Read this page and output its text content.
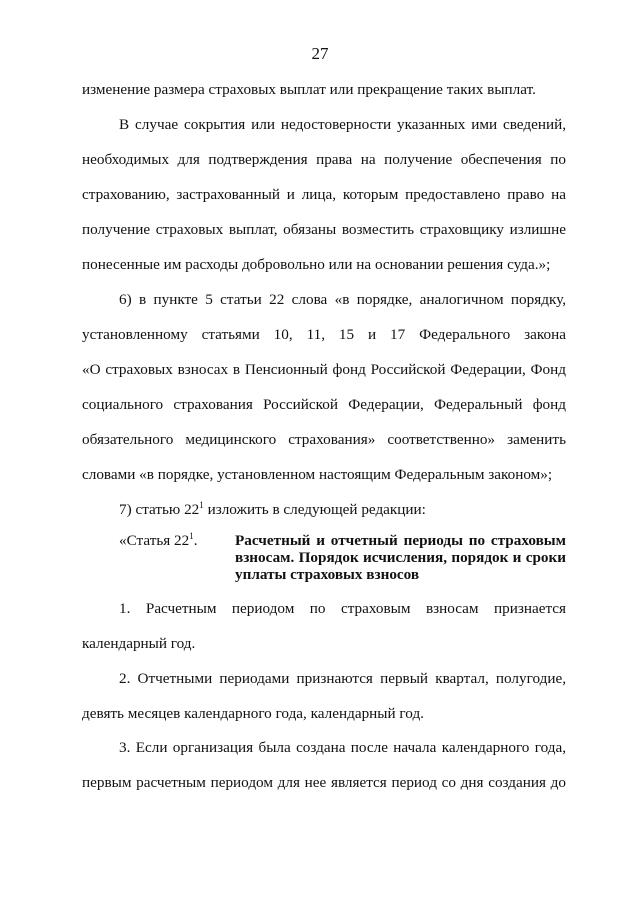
27
изменение размера страховых выплат или прекращение таких выплат.
В случае сокрытия или недостоверности указанных ими сведений,
необходимых для подтверждения права на получение обеспечения по
страхованию, застрахованный и лица, которым предоставлено право на
получение страховых выплат, обязаны возместить страховщику излишне
понесенные им расходы добровольно или на основании решения суда.»;
6) в пункте 5 статьи 22 слова «в порядке, аналогичном порядку,
установленному статьями 10, 11, 15 и 17 Федерального закона
«О страховых взносах в Пенсионный фонд Российской Федерации, Фонд
социального страхования Российской Федерации, Федеральный фонд
обязательного медицинского страхования» соответственно» заменить
словами «в порядке, установленном настоящим Федеральным законом»;
7) статью $22^1$ изложить в следующей редакции:
«Статья $22^1$. Расчетный и отчетный периоды по страховым
взносам. Порядок исчисления, порядок и сроки
уплаты страховых взносов
1. Расчетным периодом по страховым взносам признается
календарный год.
2. Отчетными периодами признаются первый квартал, полугодие,
девять месяцев календарного года, календарный год.
3. Если организация была создана после начала календарного года,
первым расчетным периодом для нее является период со дня создания до
